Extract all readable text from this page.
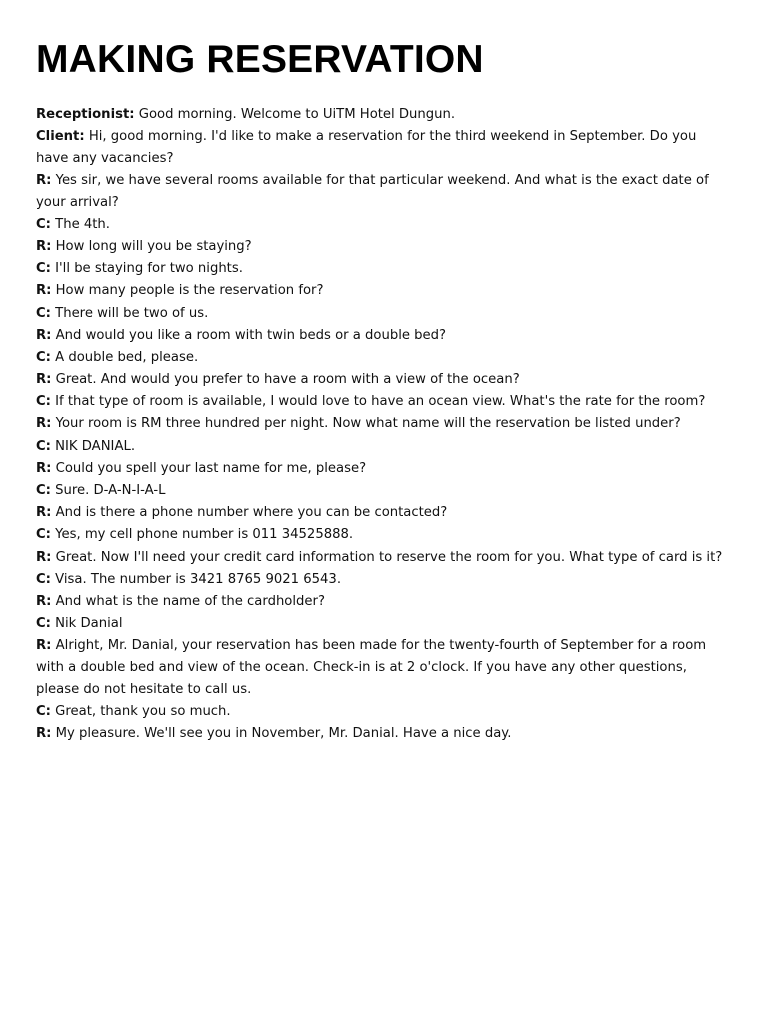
MAKING RESERVATION

Receptionist: Good morning. Welcome to UiTM Hotel Dungun.

Client: Hi, good morning. I'd like to make a reservation for the third weekend in September. Do you have any vacancies?

R: Yes sir, we have several rooms available for that particular weekend. And what is the exact date of your arrival?

C: The 4th.

R: How long will you be staying?

C: I'll be staying for two nights.

R: How many people is the reservation for?

C: There will be two of us.

R: And would you like a room with twin beds or a double bed?

C: A double bed, please.

R: Great. And would you prefer to have a room with a view of the ocean?

C: If that type of room is available, I would love to have an ocean view. What's the rate for the room?

R: Your room is RM three hundred per night. Now what name will the reservation be listed under?

C: NIK DANIAL.

R: Could you spell your last name for me, please?

C: Sure. D-A-N-I-A-L

R: And is there a phone number where you can be contacted?

C: Yes, my cell phone number is 011 34525888.

R: Great. Now I'll need your credit card information to reserve the room for you. What type of card is it?

C: Visa. The number is 3421 8765 9021 6543.

R: And what is the name of the cardholder?

C: Nik Danial

R: Alright, Mr. Danial, your reservation has been made for the twenty-fourth of September for a room with a double bed and view of the ocean. Check-in is at 2 o'clock. If you have any other questions, please do not hesitate to call us.

C: Great, thank you so much.

R: My pleasure. We'll see you in November, Mr. Danial. Have a nice day.
